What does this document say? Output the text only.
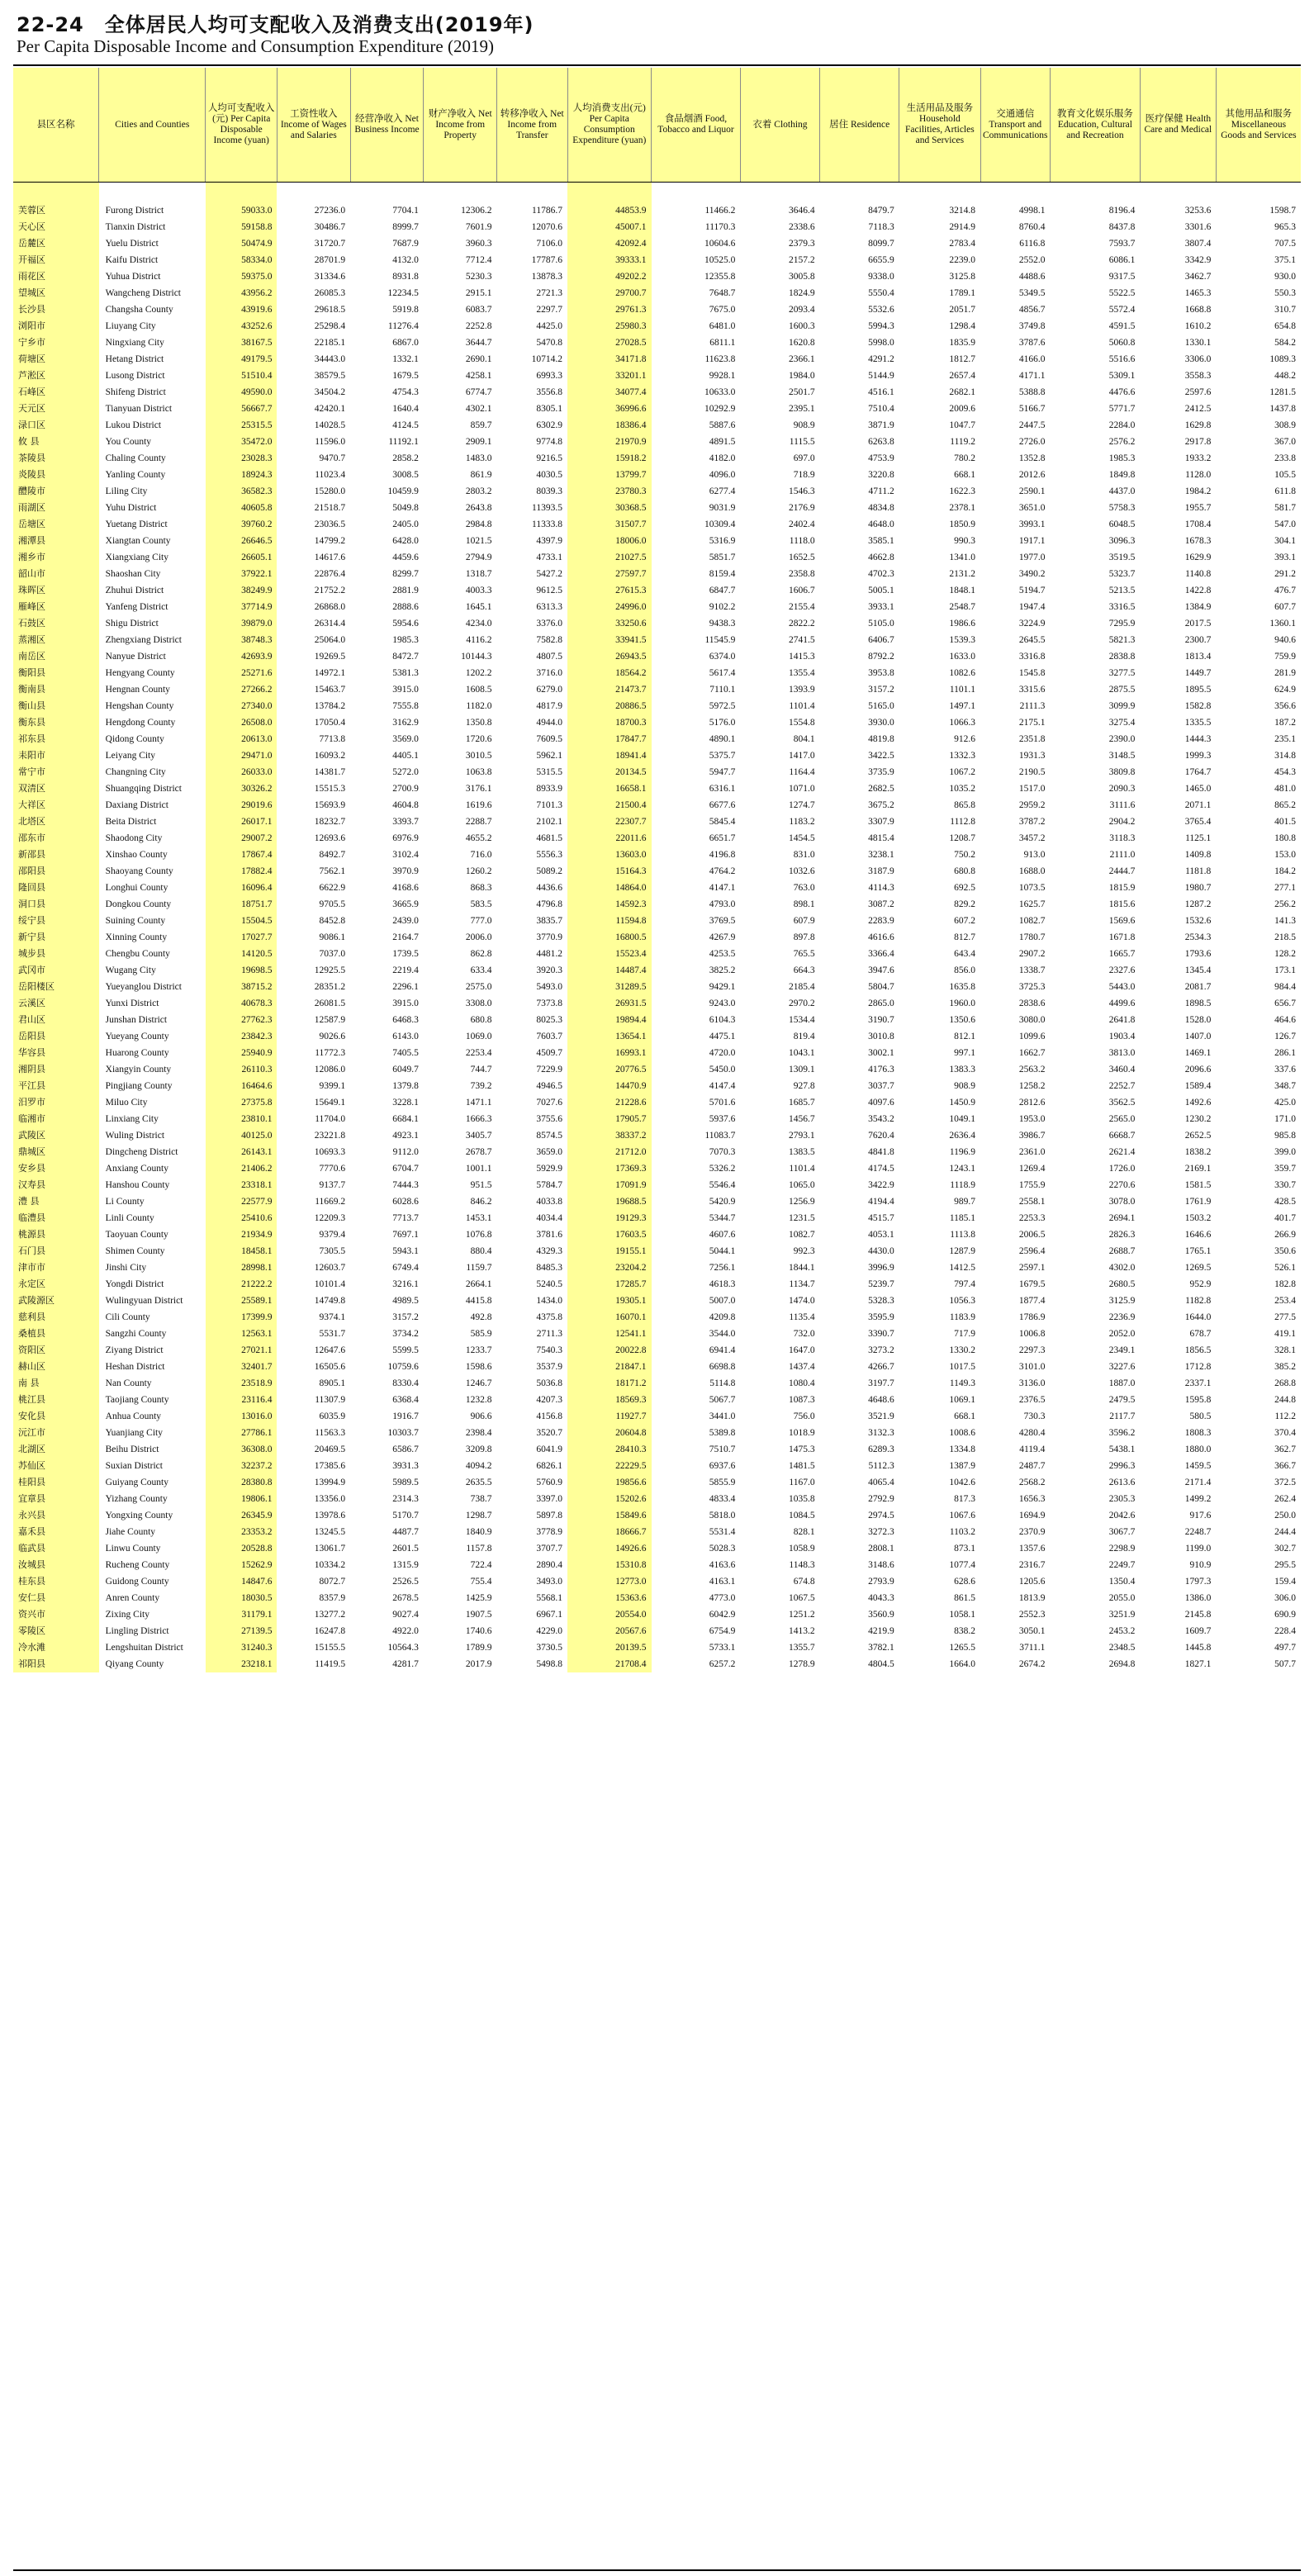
22-24　全体居民人均可支配收入及消费支出(2019年)
Per Capita Disposable Income and Consumption Expenditure (2019)
县区名称	Cities and Counties	人均可支配收入(元) Per Capita Disposable Income (yuan)	工资性收入 Income of Wages and Salaries	经营净收入 Net Business Income	财产净收入 Net Income from Property	转移净收入 Net Income from Transfer	人均消费支出(元) Per Capita Consumption Expenditure (yuan)	食品烟酒 Food, Tobacco and Liquor	衣着 Clothing	居住 Residence	生活用品及服务 Household Facilities, Articles and Services	交通通信 Transport and Communications	教育文化娱乐服务 Education, Cultural and Recreation	医疗保健 Health Care and Medical	其他用品和服务 Miscellaneous Goods and Services

芙蓉区	Furong District	59033.0	27236.0	7704.1	12306.2	11786.7	44853.9	11466.2	3646.4	8479.7	3214.8	4998.1	8196.4	3253.6	1598.7
天心区	Tianxin District	59158.8	30486.7	8999.7	7601.9	12070.6	45007.1	11170.3	2338.6	7118.3	2914.9	8760.4	8437.8	3301.6	965.3
岳麓区	Yuelu District	50474.9	31720.7	7687.9	3960.3	7106.0	42092.4	10604.6	2379.3	8099.7	2783.4	6116.8	7593.7	3807.4	707.5
开福区	Kaifu District	58334.0	28701.9	4132.0	7712.4	17787.6	39333.1	10525.0	2157.2	6655.9	2239.0	2552.0	6086.1	3342.9	375.1
雨花区	Yuhua District	59375.0	31334.6	8931.8	5230.3	13878.3	49202.2	12355.8	3005.8	9338.0	3125.8	4488.6	9317.5	3462.7	930.0
望城区	Wangcheng District	43956.2	26085.3	12234.5	2915.1	2721.3	29700.7	7648.7	1824.9	5550.4	1789.1	5349.5	5522.5	1465.3	550.3
长沙县	Changsha County	43919.6	29618.5	5919.8	6083.7	2297.7	29761.3	7675.0	2093.4	5532.6	2051.7	4856.7	5572.4	1668.8	310.7
浏阳市	Liuyang City	43252.6	25298.4	11276.4	2252.8	4425.0	25980.3	6481.0	1600.3	5994.3	1298.4	3749.8	4591.5	1610.2	654.8
宁乡市	Ningxiang City	38167.5	22185.1	6867.0	3644.7	5470.8	27028.5	6811.1	1620.8	5998.0	1835.9	3787.6	5060.8	1330.1	584.2
荷塘区	Hetang District	49179.5	34443.0	1332.1	2690.1	10714.2	34171.8	11623.8	2366.1	4291.2	1812.7	4166.0	5516.6	3306.0	1089.3
芦淞区	Lusong District	51510.4	38579.5	1679.5	4258.1	6993.3	33201.1	9928.1	1984.0	5144.9	2657.4	4171.1	5309.1	3558.3	448.2
石峰区	Shifeng District	49590.0	34504.2	4754.3	6774.7	3556.8	34077.4	10633.0	2501.7	4516.1	2682.1	5388.8	4476.6	2597.6	1281.5
天元区	Tianyuan District	56667.7	42420.1	1640.4	4302.1	8305.1	36996.6	10292.9	2395.1	7510.4	2009.6	5166.7	5771.7	2412.5	1437.8
渌口区	Lukou District	25315.5	14028.5	4124.5	859.7	6302.9	18386.4	5887.6	908.9	3871.9	1047.7	2447.5	2284.0	1629.8	308.9
攸 县	You County	35472.0	11596.0	11192.1	2909.1	9774.8	21970.9	4891.5	1115.5	6263.8	1119.2	2726.0	2576.2	2917.8	367.0
茶陵县	Chaling County	23028.3	9470.7	2858.2	1483.0	9216.5	15918.2	4182.0	697.0	4753.9	780.2	1352.8	1985.3	1933.2	233.8
炎陵县	Yanling County	18924.3	11023.4	3008.5	861.9	4030.5	13799.7	4096.0	718.9	3220.8	668.1	2012.6	1849.8	1128.0	105.5
醴陵市	Liling City	36582.3	15280.0	10459.9	2803.2	8039.3	23780.3	6277.4	1546.3	4711.2	1622.3	2590.1	4437.0	1984.2	611.8
雨湖区	Yuhu District	40605.8	21518.7	5049.8	2643.8	11393.5	30368.5	9031.9	2176.9	4834.8	2378.1	3651.0	5758.3	1955.7	581.7
岳塘区	Yuetang District	39760.2	23036.5	2405.0	2984.8	11333.8	31507.7	10309.4	2402.4	4648.0	1850.9	3993.1	6048.5	1708.4	547.0
湘潭县	Xiangtan County	26646.5	14799.2	6428.0	1021.5	4397.9	18006.0	5316.9	1118.0	3585.1	990.3	1917.1	3096.3	1678.3	304.1
湘乡市	Xiangxiang City	26605.1	14617.6	4459.6	2794.9	4733.1	21027.5	5851.7	1652.5	4662.8	1341.0	1977.0	3519.5	1629.9	393.1
韶山市	Shaoshan City	37922.1	22876.4	8299.7	1318.7	5427.2	27597.7	8159.4	2358.8	4702.3	2131.2	3490.2	5323.7	1140.8	291.2
珠晖区	Zhuhui District	38249.9	21752.2	2881.9	4003.3	9612.5	27615.3	6847.7	1606.7	5005.1	1848.1	5194.7	5213.5	1422.8	476.7
雁峰区	Yanfeng District	37714.9	26868.0	2888.6	1645.1	6313.3	24996.0	9102.2	2155.4	3933.1	2548.7	1947.4	3316.5	1384.9	607.7
石鼓区	Shigu District	39879.0	26314.4	5954.6	4234.0	3376.0	33250.6	9438.3	2822.2	5105.0	1986.6	3224.9	7295.9	2017.5	1360.1
蒸湘区	Zhengxiang District	38748.3	25064.0	1985.3	4116.2	7582.8	33941.5	11545.9	2741.5	6406.7	1539.3	2645.5	5821.3	2300.7	940.6
南岳区	Nanyue District	42693.9	19269.5	8472.7	10144.3	4807.5	26943.5	6374.0	1415.3	8792.2	1633.0	3316.8	2838.8	1813.4	759.9
衡阳县	Hengyang County	25271.6	14972.1	5381.3	1202.2	3716.0	18564.2	5617.4	1355.4	3953.8	1082.6	1545.8	3277.5	1449.7	281.9
衡南县	Hengnan County	27266.2	15463.7	3915.0	1608.5	6279.0	21473.7	7110.1	1393.9	3157.2	1101.1	3315.6	2875.5	1895.5	624.9
衡山县	Hengshan County	27340.0	13784.2	7555.8	1182.0	4817.9	20886.5	5972.5	1101.4	5165.0	1497.1	2111.3	3099.9	1582.8	356.6
衡东县	Hengdong County	26508.0	17050.4	3162.9	1350.8	4944.0	18700.3	5176.0	1554.8	3930.0	1066.3	2175.1	3275.4	1335.5	187.2
祁东县	Qidong County	20613.0	7713.8	3569.0	1720.6	7609.5	17847.7	4890.1	804.1	4819.8	912.6	2351.8	2390.0	1444.3	235.1
耒阳市	Leiyang City	29471.0	16093.2	4405.1	3010.5	5962.1	18941.4	5375.7	1417.0	3422.5	1332.3	1931.3	3148.5	1999.3	314.8
常宁市	Changning City	26033.0	14381.7	5272.0	1063.8	5315.5	20134.5	5947.7	1164.4	3735.9	1067.2	2190.5	3809.8	1764.7	454.3
双清区	Shuangqing District	30326.2	15515.3	2700.9	3176.1	8933.9	16658.1	6316.1	1071.0	2682.5	1035.2	1517.0	2090.3	1465.0	481.0
大祥区	Daxiang District	29019.6	15693.9	4604.8	1619.6	7101.3	21500.4	6677.6	1274.7	3675.2	865.8	2959.2	3111.6	2071.1	865.2
北塔区	Beita District	26017.1	18232.7	3393.7	2288.7	2102.1	22307.7	5845.4	1183.2	3307.9	1112.8	3787.2	2904.2	3765.4	401.5
邵东市	Shaodong City	29007.2	12693.6	6976.9	4655.2	4681.5	22011.6	6651.7	1454.5	4815.4	1208.7	3457.2	3118.3	1125.1	180.8
新邵县	Xinshao County	17867.4	8492.7	3102.4	716.0	5556.3	13603.0	4196.8	831.0	3238.1	750.2	913.0	2111.0	1409.8	153.0
邵阳县	Shaoyang County	17882.4	7562.1	3970.9	1260.2	5089.2	15164.3	4764.2	1032.6	3187.9	680.8	1688.0	2444.7	1181.8	184.2
隆回县	Longhui County	16096.4	6622.9	4168.6	868.3	4436.6	14864.0	4147.1	763.0	4114.3	692.5	1073.5	1815.9	1980.7	277.1
洞口县	Dongkou County	18751.7	9705.5	3665.9	583.5	4796.8	14592.3	4793.0	898.1	3087.2	829.2	1625.7	1815.6	1287.2	256.2
绥宁县	Suining County	15504.5	8452.8	2439.0	777.0	3835.7	11594.8	3769.5	607.9	2283.9	607.2	1082.7	1569.6	1532.6	141.3
新宁县	Xinning County	17027.7	9086.1	2164.7	2006.0	3770.9	16800.5	4267.9	897.8	4616.6	812.7	1780.7	1671.8	2534.3	218.5
城步县	Chengbu County	14120.5	7037.0	1739.5	862.8	4481.2	15523.4	4253.5	765.5	3366.4	643.4	2907.2	1665.7	1793.6	128.2
武冈市	Wugang City	19698.5	12925.5	2219.4	633.4	3920.3	14487.4	3825.2	664.3	3947.6	856.0	1338.7	2327.6	1345.4	173.1
岳阳楼区	Yueyanglou District	38715.2	28351.2	2296.1	2575.0	5493.0	31289.5	9429.1	2185.4	5804.7	1635.8	3725.3	5443.0	2081.7	984.4
云溪区	Yunxi District	40678.3	26081.5	3915.0	3308.0	7373.8	26931.5	9243.0	2970.2	2865.0	1960.0	2838.6	4499.6	1898.5	656.7
君山区	Junshan District	27762.3	12587.9	6468.3	680.8	8025.3	19894.4	6104.3	1534.4	3190.7	1350.6	3080.0	2641.8	1528.0	464.6
岳阳县	Yueyang County	23842.3	9026.6	6143.0	1069.0	7603.7	13654.1	4475.1	819.4	3010.8	812.1	1099.6	1903.4	1407.0	126.7
华容县	Huarong County	25940.9	11772.3	7405.5	2253.4	4509.7	16993.1	4720.0	1043.1	3002.1	997.1	1662.7	3813.0	1469.1	286.1
湘阴县	Xiangyin County	26110.3	12086.0	6049.7	744.7	7229.9	20776.5	5450.0	1309.1	4176.3	1383.3	2563.2	3460.4	2096.6	337.6
平江县	Pingjiang County	16464.6	9399.1	1379.8	739.2	4946.5	14470.9	4147.4	927.8	3037.7	908.9	1258.2	2252.7	1589.4	348.7
汨罗市	Miluo City	27375.8	15649.1	3228.1	1471.1	7027.6	21228.6	5701.6	1685.7	4097.6	1450.9	2812.6	3562.5	1492.6	425.0
临湘市	Linxiang City	23810.1	11704.0	6684.1	1666.3	3755.6	17905.7	5937.6	1456.7	3543.2	1049.1	1953.0	2565.0	1230.2	171.0
武陵区	Wuling District	40125.0	23221.8	4923.1	3405.7	8574.5	38337.2	11083.7	2793.1	7620.4	2636.4	3986.7	6668.7	2652.5	985.8
鼎城区	Dingcheng District	26143.1	10693.3	9112.0	2678.7	3659.0	21712.0	7070.3	1383.5	4841.8	1196.9	2361.0	2621.4	1838.2	399.0
安乡县	Anxiang County	21406.2	7770.6	6704.7	1001.1	5929.9	17369.3	5326.2	1101.4	4174.5	1243.1	1269.4	1726.0	2169.1	359.7
汉寿县	Hanshou County	23318.1	9137.7	7444.3	951.5	5784.7	17091.9	5546.4	1065.0	3422.9	1118.9	1755.9	2270.6	1581.5	330.7
澧 县	Li County	22577.9	11669.2	6028.6	846.2	4033.8	19688.5	5420.9	1256.9	4194.4	989.7	2558.1	3078.0	1761.9	428.5
临澧县	Linli County	25410.6	12209.3	7713.7	1453.1	4034.4	19129.3	5344.7	1231.5	4515.7	1185.1	2253.3	2694.1	1503.2	401.7
桃源县	Taoyuan County	21934.9	9379.4	7697.1	1076.8	3781.6	17603.5	4607.6	1082.7	4053.1	1113.8	2006.5	2826.3	1646.6	266.9
石门县	Shimen County	18458.1	7305.5	5943.1	880.4	4329.3	19155.1	5044.1	992.3	4430.0	1287.9	2596.4	2688.7	1765.1	350.6
津市市	Jinshi City	28998.1	12603.7	6749.4	1159.7	8485.3	23204.2	7256.1	1844.1	3996.9	1412.5	2597.1	4302.0	1269.5	526.1
永定区	Yongdi District	21222.2	10101.4	3216.1	2664.1	5240.5	17285.7	4618.3	1134.7	5239.7	797.4	1679.5	2680.5	952.9	182.8
武陵源区	Wulingyuan District	25589.1	14749.8	4989.5	4415.8	1434.0	19305.1	5007.0	1474.0	5328.3	1056.3	1877.4	3125.9	1182.8	253.4
慈利县	Cili County	17399.9	9374.1	3157.2	492.8	4375.8	16070.1	4209.8	1135.4	3595.9	1183.9	1786.9	2236.9	1644.0	277.5
桑植县	Sangzhi County	12563.1	5531.7	3734.2	585.9	2711.3	12541.1	3544.0	732.0	3390.7	717.9	1006.8	2052.0	678.7	419.1
资阳区	Ziyang District	27021.1	12647.6	5599.5	1233.7	7540.3	20022.8	6941.4	1647.0	3273.2	1330.2	2297.3	2349.1	1856.5	328.1
赫山区	Heshan District	32401.7	16505.6	10759.6	1598.6	3537.9	21847.1	6698.8	1437.4	4266.7	1017.5	3101.0	3227.6	1712.8	385.2
南 县	Nan County	23518.9	8905.1	8330.4	1246.7	5036.8	18171.2	5114.8	1080.4	3197.7	1149.3	3136.0	1887.0	2337.1	268.8
桃江县	Taojiang County	23116.4	11307.9	6368.4	1232.8	4207.3	18569.3	5067.7	1087.3	4648.6	1069.1	2376.5	2479.5	1595.8	244.8
安化县	Anhua County	13016.0	6035.9	1916.7	906.6	4156.8	11927.7	3441.0	756.0	3521.9	668.1	730.3	2117.7	580.5	112.2
沅江市	Yuanjiang City	27786.1	11563.3	10303.7	2398.4	3520.7	20604.8	5389.8	1018.9	3132.3	1008.6	4280.4	3596.2	1808.3	370.4
北湖区	Beihu District	36308.0	20469.5	6586.7	3209.8	6041.9	28410.3	7510.7	1475.3	6289.3	1334.8	4119.4	5438.1	1880.0	362.7
苏仙区	Suxian District	32237.2	17385.6	3931.3	4094.2	6826.1	22229.5	6937.6	1481.5	5112.3	1387.9	2487.7	2996.3	1459.5	366.7
桂阳县	Guiyang County	28380.8	13994.9	5989.5	2635.5	5760.9	19856.6	5855.9	1167.0	4065.4	1042.6	2568.2	2613.6	2171.4	372.5
宜章县	Yizhang County	19806.1	13356.0	2314.3	738.7	3397.0	15202.6	4833.4	1035.8	2792.9	817.3	1656.3	2305.3	1499.2	262.4
永兴县	Yongxing County	26345.9	13978.6	5170.7	1298.7	5897.8	15849.6	5818.0	1084.5	2974.5	1067.6	1694.9	2042.6	917.6	250.0
嘉禾县	Jiahe County	23353.2	13245.5	4487.7	1840.9	3778.9	18666.7	5531.4	828.1	3272.3	1103.2	2370.9	3067.7	2248.7	244.4
临武县	Linwu County	20528.8	13061.7	2601.5	1157.8	3707.7	14926.6	5028.3	1058.9	2808.1	873.1	1357.6	2298.9	1199.0	302.7
汝城县	Rucheng County	15262.9	10334.2	1315.9	722.4	2890.4	15310.8	4163.6	1148.3	3148.6	1077.4	2316.7	2249.7	910.9	295.5
桂东县	Guidong County	14847.6	8072.7	2526.5	755.4	3493.0	12773.0	4163.1	674.8	2793.9	628.6	1205.6	1350.4	1797.3	159.4
安仁县	Anren County	18030.5	8357.9	2678.5	1425.9	5568.1	15363.6	4773.0	1067.5	4043.3	861.5	1813.9	2055.0	1386.0	306.0
资兴市	Zixing City	31179.1	13277.2	9027.4	1907.5	6967.1	20554.0	6042.9	1251.2	3560.9	1058.1	2552.3	3251.9	2145.8	690.9
零陵区	Lingling District	27139.5	16247.8	4922.0	1740.6	4229.0	20567.6	6754.9	1413.2	4219.9	838.2	3050.1	2453.2	1609.7	228.4
冷水滩	Lengshuitan District	31240.3	15155.5	10564.3	1789.9	3730.5	20139.5	5733.1	1355.7	3782.1	1265.5	3711.1	2348.5	1445.8	497.7
祁阳县	Qiyang County	23218.1	11419.5	4281.7	2017.9	5498.8	21708.4	6257.2	1278.9	4804.5	1664.0	2674.2	2694.8	1827.1	507.7
